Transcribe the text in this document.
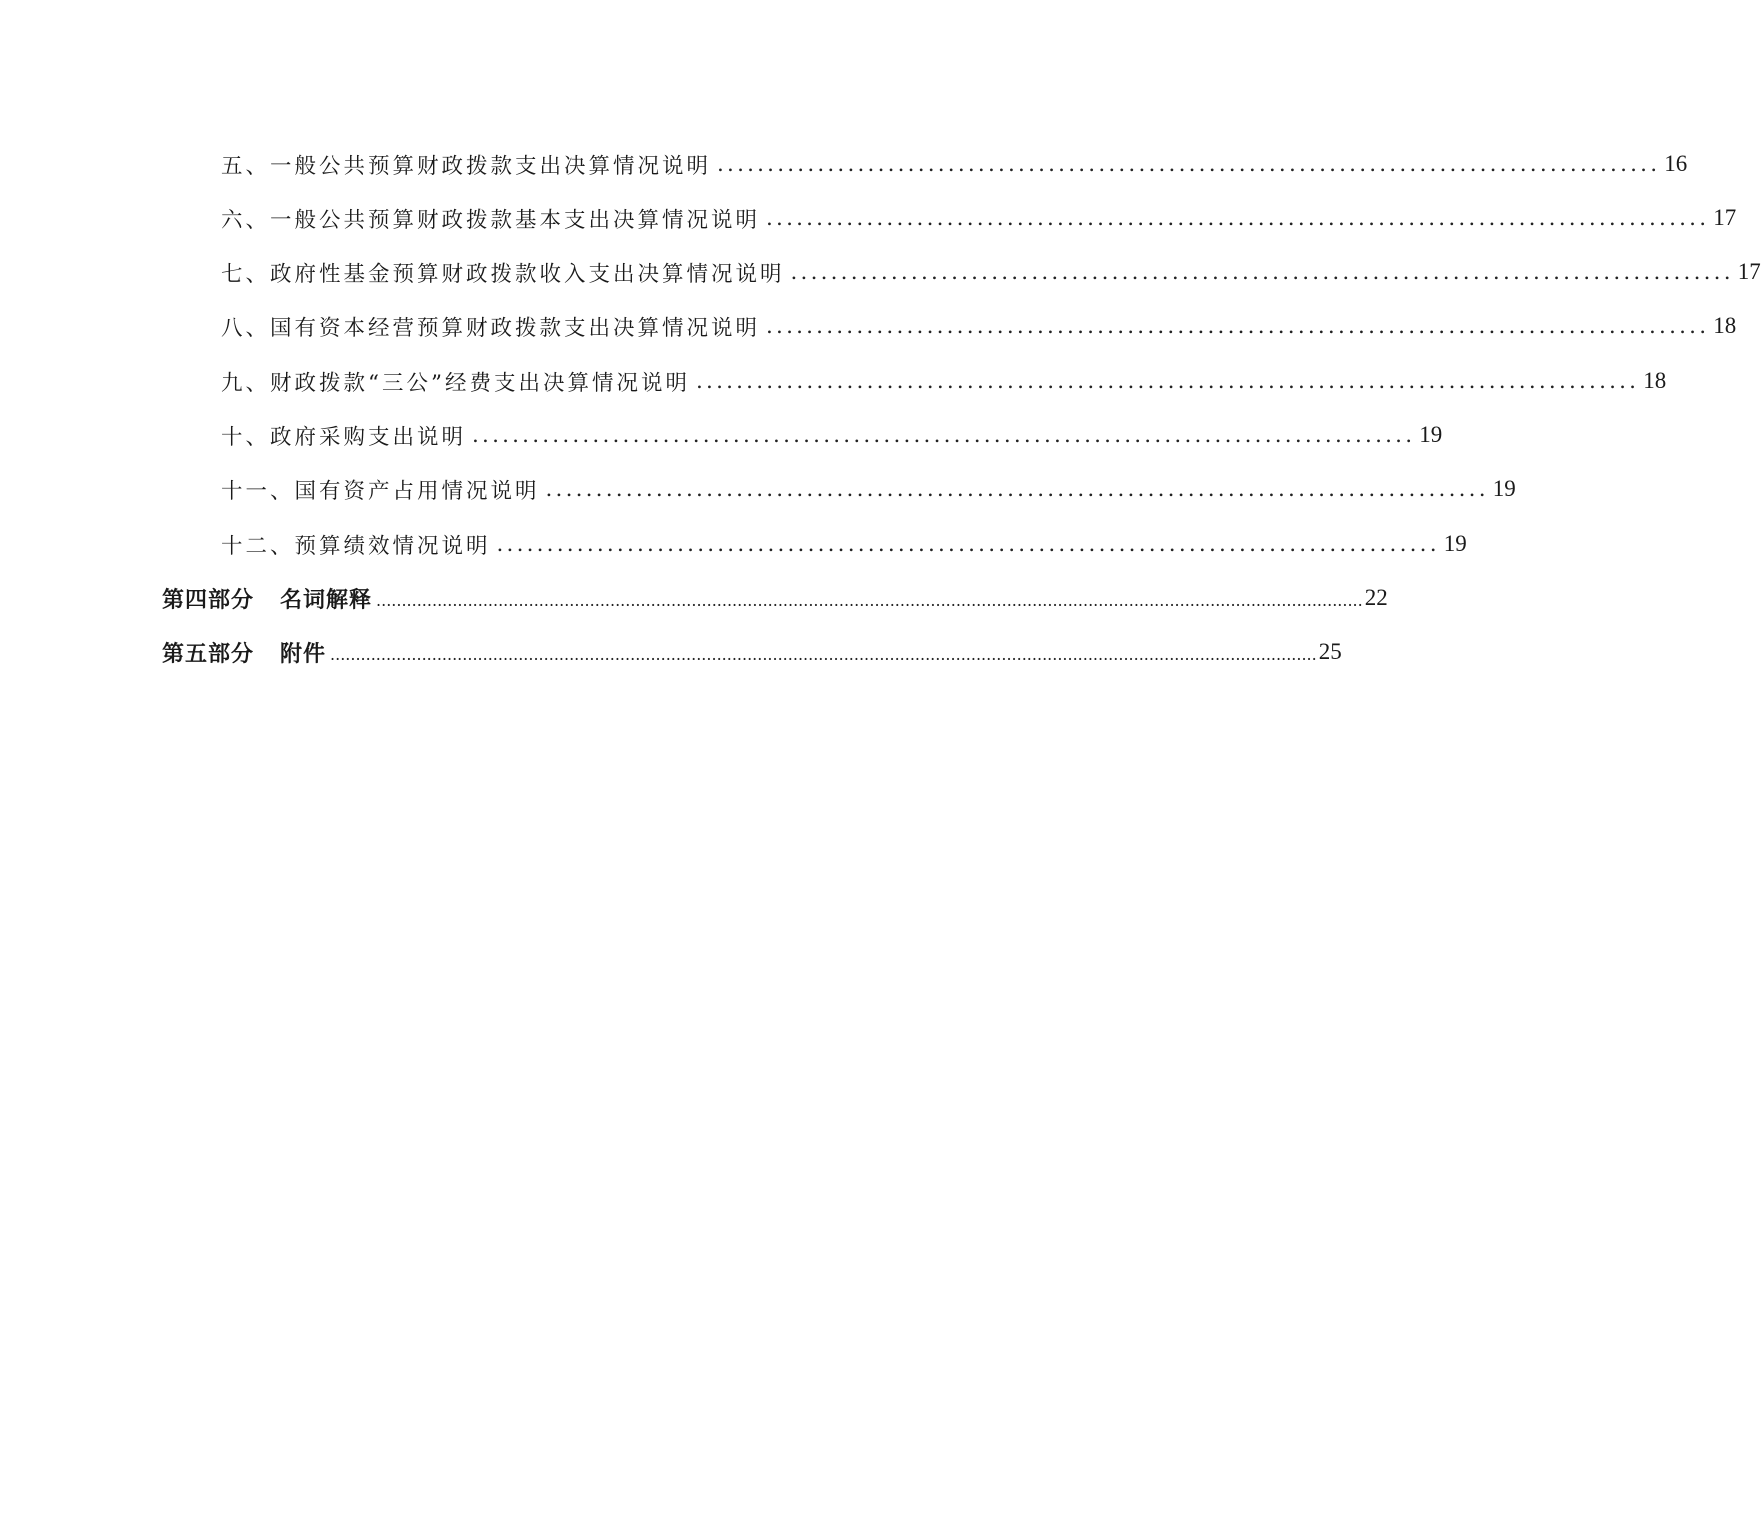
五、一般公共预算财政拨款支出决算情况说明 .............................................................................................. 16
六、一般公共预算财政拨款基本支出决算情况说明 .............................................................................................. 17
七、政府性基金预算财政拨款收入支出决算情况说明 .............................................................................................. 17
八、国有资本经营预算财政拨款支出决算情况说明 .............................................................................................. 18
九、财政拨款“三公”经费支出决算情况说明 .............................................................................................. 18
十、政府采购支出说明 .............................................................................................. 19
十一、国有资产占用情况说明 .............................................................................................. 19
十二、预算绩效情况说明 .............................................................................................. 19
第四部分 名词解释 .................................................................................................................................................................................................. 22
第五部分 附件 .................................................................................................................................................................................................. 25
